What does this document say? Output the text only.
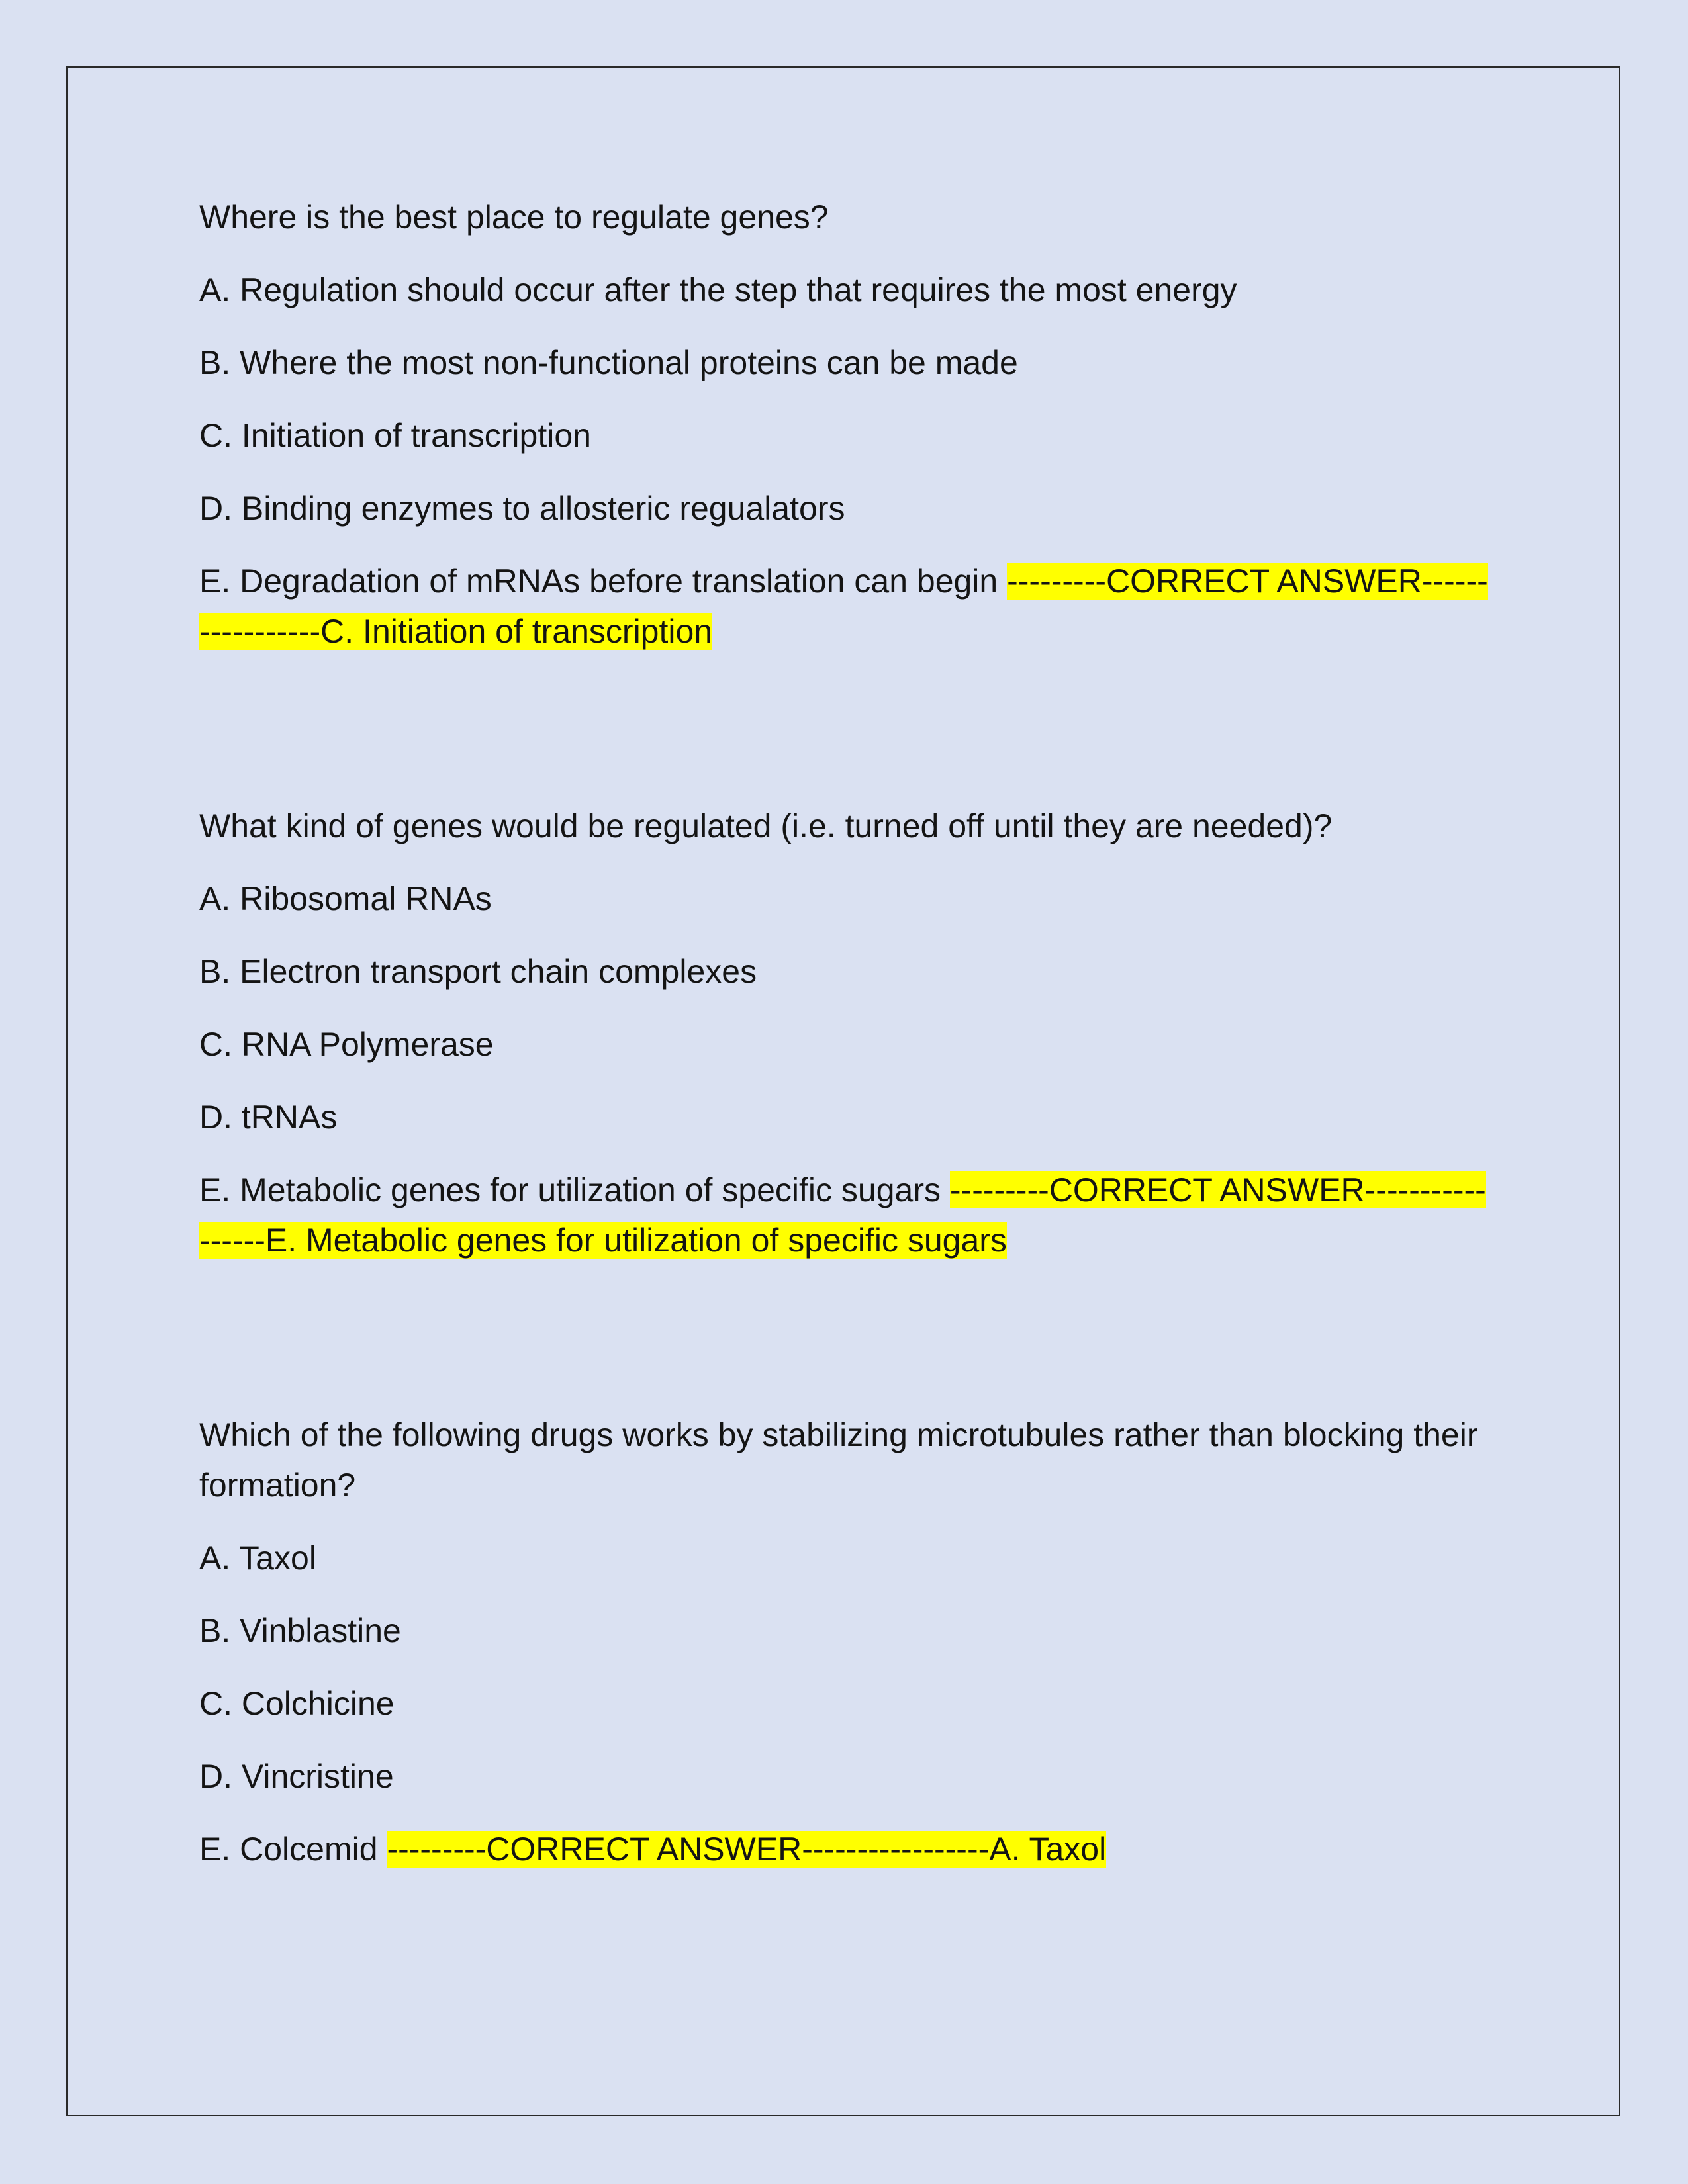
Where is the best place to regulate genes?

A. Regulation should occur after the step that requires the most energy

B. Where the most non-functional proteins can be made

C. Initiation of transcription

D. Binding enzymes to allosteric regualators

E. Degradation of mRNAs before translation can begin ---------CORRECT ANSWER-----------------C. Initiation of transcription

What kind of genes would be regulated (i.e. turned off until they are needed)?

A. Ribosomal RNAs

B. Electron transport chain complexes

C. RNA Polymerase

D. tRNAs

E. Metabolic genes for utilization of specific sugars ---------CORRECT ANSWER-----------------E. Metabolic genes for utilization of specific sugars

Which of the following drugs works by stabilizing microtubules rather than blocking their formation?

A. Taxol

B. Vinblastine

C. Colchicine

D. Vincristine

E. Colcemid ---------CORRECT ANSWER-----------------A. Taxol
